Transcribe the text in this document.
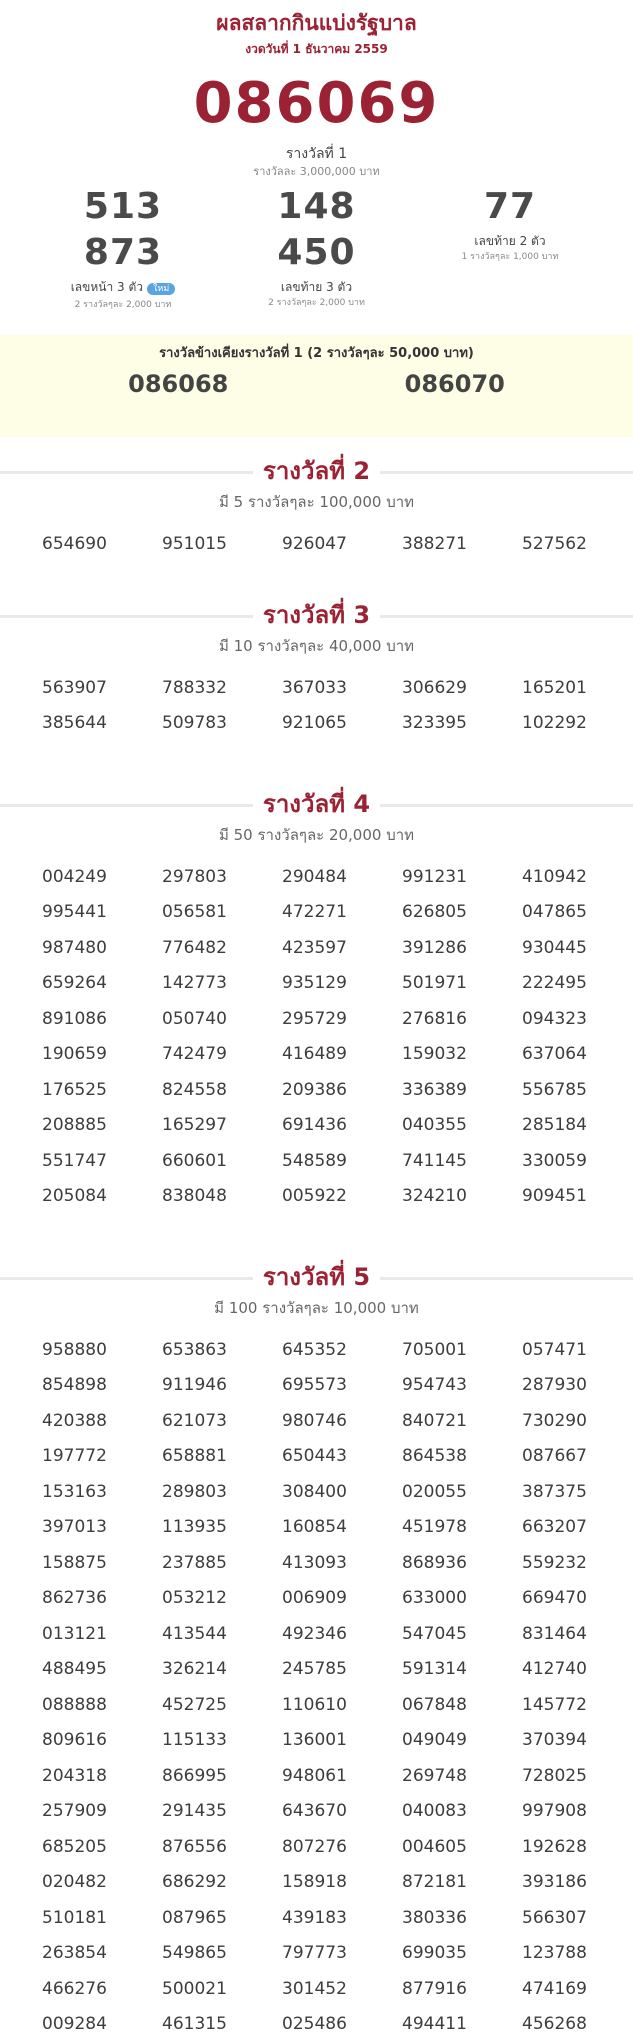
ผลสลากกินแบ่งรัฐบาล
งวดวันที่ 1 ธันวาคม 2559
086069
รางวัลที่ 1
รางวัลละ 3,000,000 บาท
513 873
เลขหน้า 3 ตัว ใหม่
2 รางวัลๆละ 2,000 บาท
148 450
เลขท้าย 3 ตัว
2 รางวัลๆละ 2,000 บาท
77
เลขท้าย 2 ตัว
1 รางวัลๆละ 1,000 บาท
รางวัลข้างเคียงรางวัลที่ 1 (2 รางวัลๆละ 50,000 บาท)
086068	086070
รางวัลที่ 2
มี 5 รางวัลๆละ 100,000 บาท
654690	951015	926047	388271	527562
รางวัลที่ 3
มี 10 รางวัลๆละ 40,000 บาท
563907	788332	367033	306629	165201
385644	509783	921065	323395	102292
รางวัลที่ 4
มี 50 รางวัลๆละ 20,000 บาท
004249	297803	290484	991231	410942
995441	056581	472271	626805	047865
987480	776482	423597	391286	930445
659264	142773	935129	501971	222495
891086	050740	295729	276816	094323
190659	742479	416489	159032	637064
176525	824558	209386	336389	556785
208885	165297	691436	040355	285184
551747	660601	548589	741145	330059
205084	838048	005922	324210	909451
รางวัลที่ 5
มี 100 รางวัลๆละ 10,000 บาท
958880	653863	645352	705001	057471
854898	911946	695573	954743	287930
420388	621073	980746	840721	730290
197772	658881	650443	864538	087667
153163	289803	308400	020055	387375
397013	113935	160854	451978	663207
158875	237885	413093	868936	559232
862736	053212	006909	633000	669470
013121	413544	492346	547045	831464
488495	326214	245785	591314	412740
088888	452725	110610	067848	145772
809616	115133	136001	049049	370394
204318	866995	948061	269748	728025
257909	291435	643670	040083	997908
685205	876556	807276	004605	192628
020482	686292	158918	872181	393186
510181	087965	439183	380336	566307
263854	549865	797773	699035	123788
466276	500021	301452	877916	474169
009284	461315	025486	494411	456268
